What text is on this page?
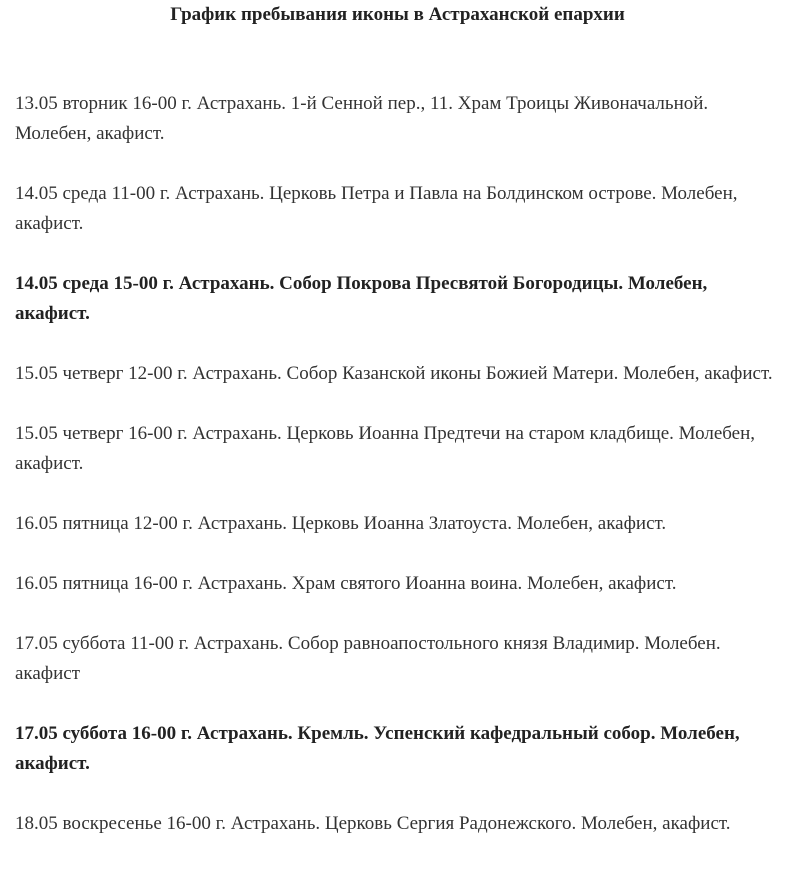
График пребывания иконы в Астраханской епархии

13.05 вторник 16-00 г. Астрахань. 1-й Сенной пер., 11. Храм Троицы Живоначальной. Молебен, акафист.

14.05 среда 11-00 г. Астрахань. Церковь Петра и Павла на Болдинском острове. Молебен, акафист.

14.05 среда 15-00 г. Астрахань. Собор Покрова Пресвятой Богородицы. Молебен, акафист.

15.05 четверг 12-00 г. Астрахань. Собор Казанской иконы Божией Матери. Молебен, акафист.

15.05 четверг 16-00 г. Астрахань. Церковь Иоанна Предтечи на старом кладбище. Молебен, акафист.

16.05 пятница 12-00 г. Астрахань. Церковь Иоанна Златоуста. Молебен, акафист.

16.05 пятница 16-00 г. Астрахань. Храм святого Иоанна воина. Молебен, акафист.

17.05 суббота 11-00 г. Астрахань. Собор равноапостольного князя Владимир. Молебен. акафист

17.05 суббота 16-00 г. Астрахань. Кремль. Успенский кафедральный собор. Молебен, акафист.

18.05 воскресенье 16-00 г. Астрахань. Церковь Сергия Радонежского. Молебен, акафист.
